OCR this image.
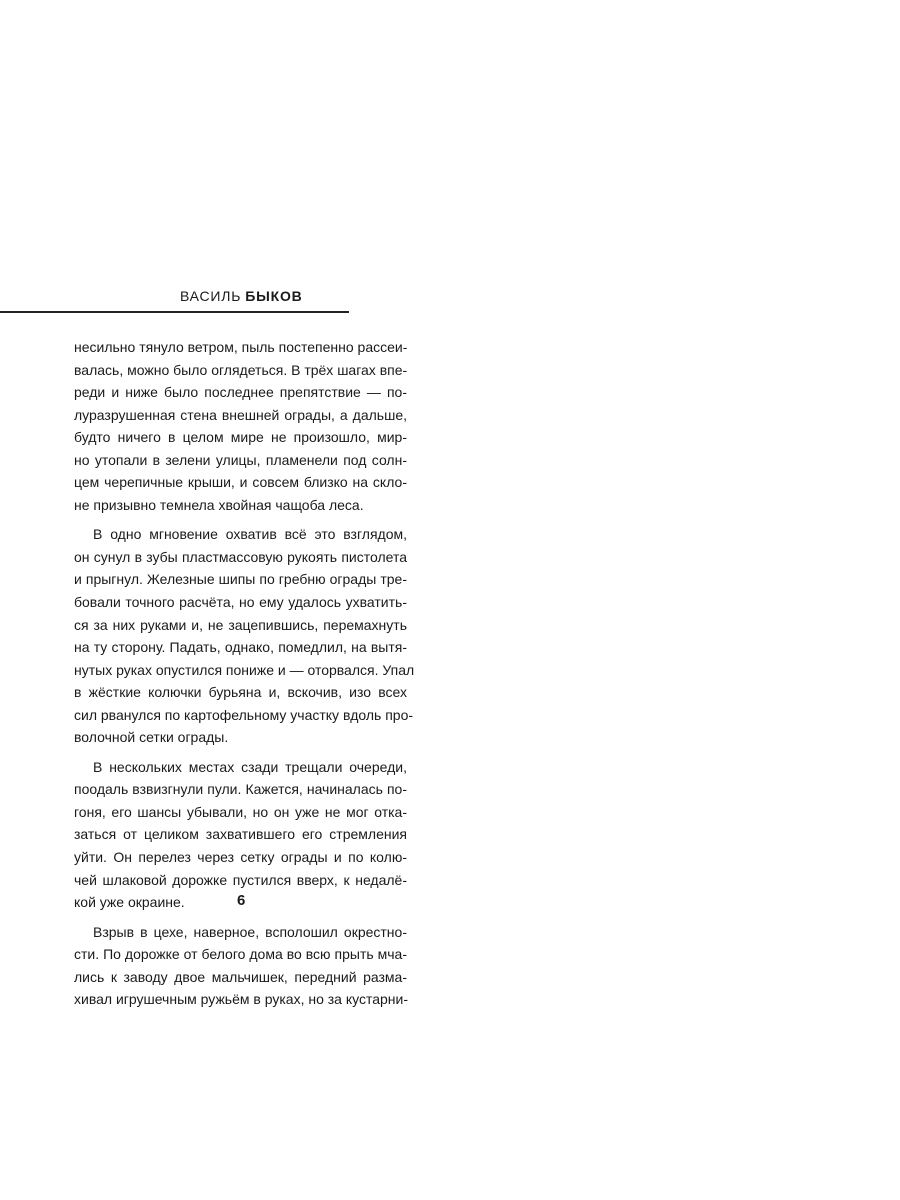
ВАСИЛЬ БЫКОВ
несильно тянуло ветром, пыль постепенно рассеи-
валась, можно было оглядеться. В трёх шагах впе-
реди и ниже было последнее препятствие — по-
луразрушенная стена внешней ограды, а дальше,
будто ничего в целом мире не произошло, мир-
но утопали в зелени улицы, пламенели под солн-
цем черепичные крыши, и совсем близко на скло-
не призывно темнела хвойная чащоба леса.
В одно мгновение охватив всё это взглядом,
он сунул в зубы пластмассовую рукоять пистолета
и прыгнул. Железные шипы по гребню ограды тре-
бовали точного расчёта, но ему удалось ухватить-
ся за них руками и, не зацепившись, перемахнуть
на ту сторону. Падать, однако, помедлил, на вытя-
нутых руках опустился пониже и — оторвался. Упал
в жёсткие колючки бурьяна и, вскочив, изо всех
сил рванулся по картофельному участку вдоль про-
волочной сетки ограды.
В нескольких местах сзади трещали очереди,
поодаль взвизгнули пули. Кажется, начиналась по-
гоня, его шансы убывали, но он уже не мог отка-
заться от целиком захватившего его стремления
уйти. Он перелез через сетку ограды и по колю-
чей шлаковой дорожке пустился вверх, к недалё-
кой уже окраине.
Взрыв в цехе, наверное, всполошил окрестно-
сти. По дорожке от белого дома во всю прыть мча-
лись к заводу двое мальчишек, передний разма-
хивал игрушечным ружьём в руках, но за кустарни-
6
